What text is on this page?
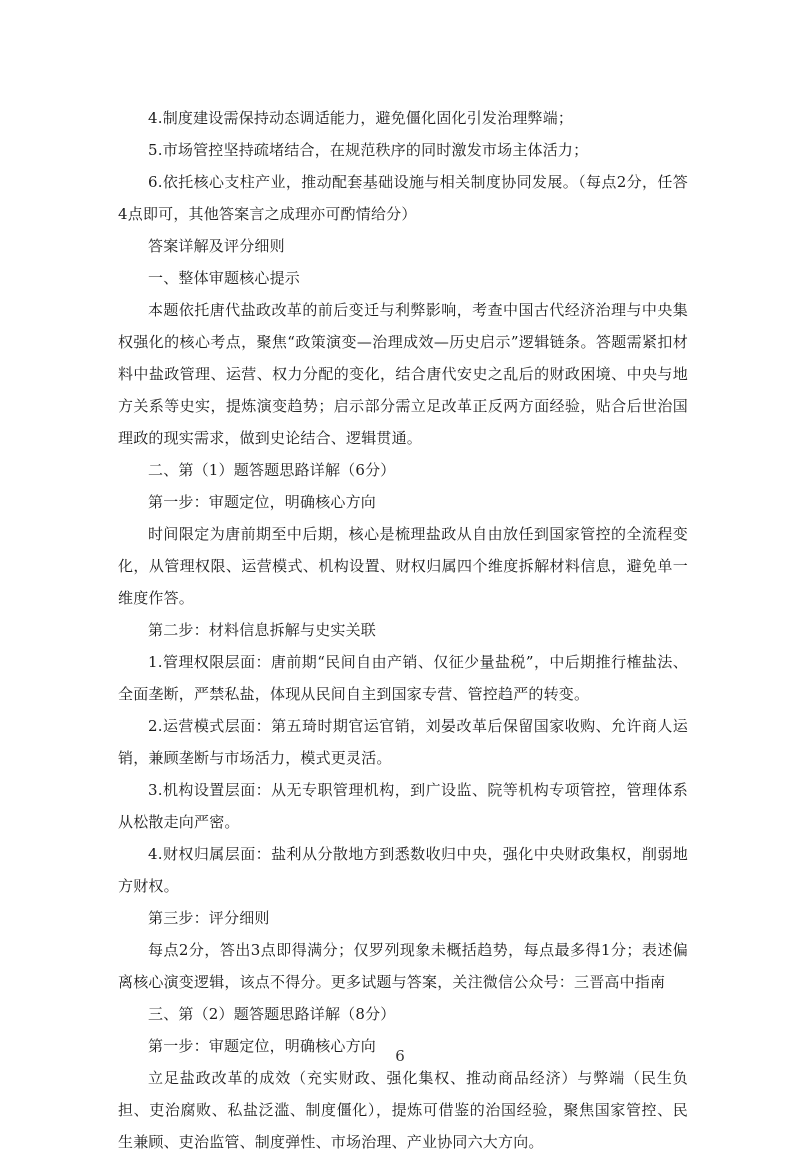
4.制度建设需保持动态调适能力，避免僵化固化引发治理弊端；

5.市场管控坚持疏堵结合，在规范秩序的同时激发市场主体活力；

6.依托核心支柱产业，推动配套基础设施与相关制度协同发展。（每点2分，任答4点即可，其他答案言之成理亦可酌情给分）

答案详解及评分细则

一、整体审题核心提示

本题依托唐代盐政改革的前后变迁与利弊影响，考查中国古代经济治理与中央集权强化的核心考点，聚焦“政策演变—治理成效—历史启示”逻辑链条。答题需紧扣材料中盐政管理、运营、权力分配的变化，结合唐代安史之乱后的财政困境、中央与地方关系等史实，提炼演变趋势；启示部分需立足改革正反两方面经验，贴合后世治国理政的现实需求，做到史论结合、逻辑贯通。

二、第（1）题答题思路详解（6分）

第一步：审题定位，明确核心方向

时间限定为唐前期至中后期，核心是梳理盐政从自由放任到国家管控的全流程变化，从管理权限、运营模式、机构设置、财权归属四个维度拆解材料信息，避免单一维度作答。

第二步：材料信息拆解与史实关联

1.管理权限层面：唐前期“民间自由产销、仅征少量盐税”，中后期推行榷盐法、全面垄断，严禁私盐，体现从民间自主到国家专营、管控趋严的转变。

2.运营模式层面：第五琦时期官运官销，刘晏改革后保留国家收购、允许商人运销，兼顾垄断与市场活力，模式更灵活。

3.机构设置层面：从无专职管理机构，到广设监、院等机构专项管控，管理体系从松散走向严密。

4.财权归属层面：盐利从分散地方到悉数收归中央，强化中央财政集权，削弱地方财权。

第三步：评分细则

每点2分，答出3点即得满分；仅罗列现象未概括趋势，每点最多得1分；表述偏离核心演变逻辑，该点不得分。更多试题与答案，关注微信公众号：三晋高中指南

三、第（2）题答题思路详解（8分）

第一步：审题定位，明确核心方向

立足盐政改革的成效（充实财政、强化集权、推动商品经济）与弊端（民生负担、吏治腐败、私盐泛滥、制度僵化），提炼可借鉴的治国经验，聚焦国家管控、民生兼顾、吏治监管、制度弹性、市场治理、产业协同六大方向。

6
